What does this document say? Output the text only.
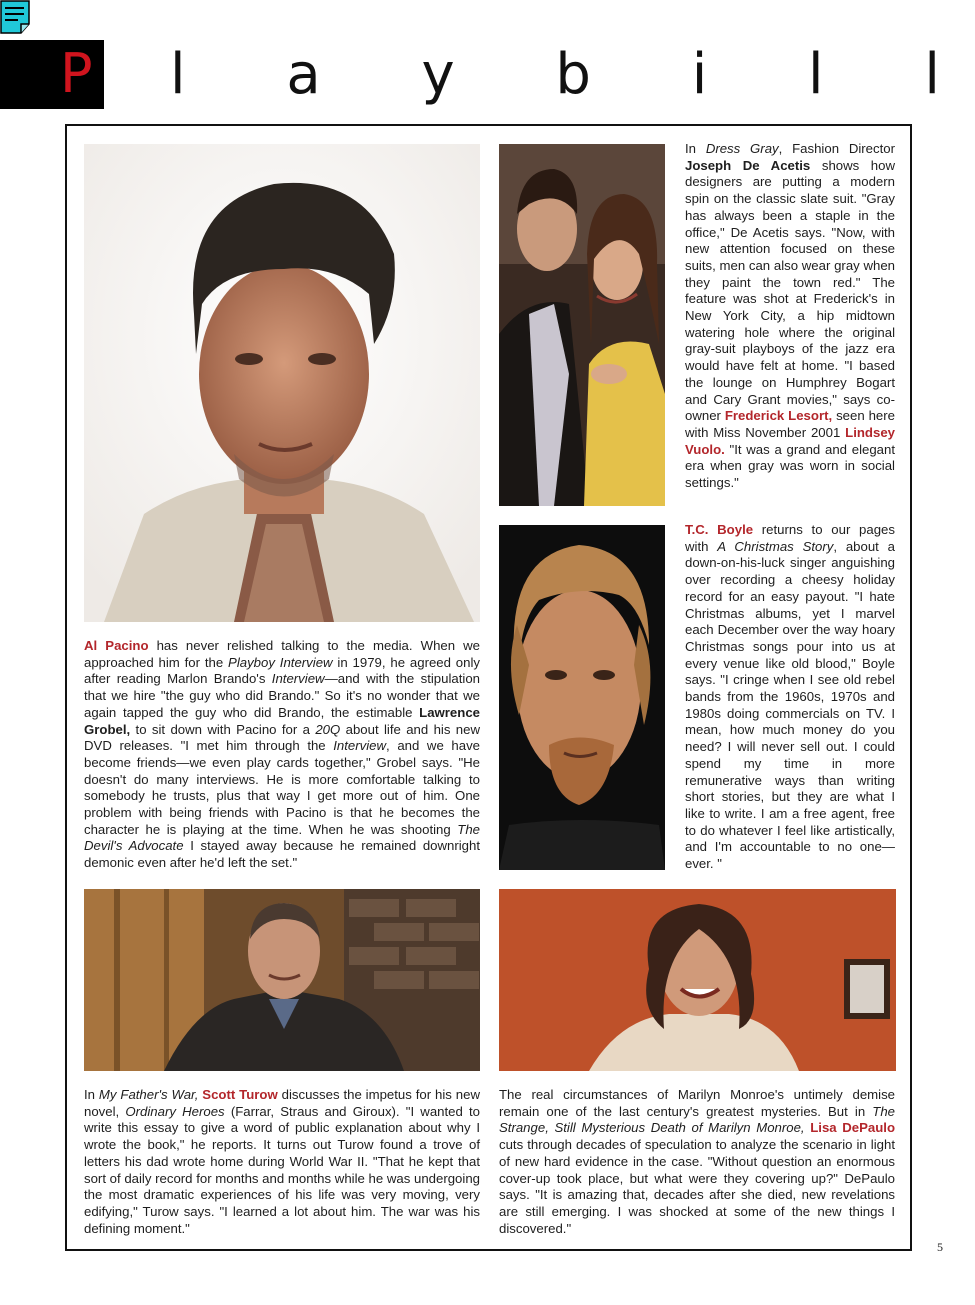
P l a y b i l l
Al Pacino has never relished talking to the media. When we approached him for the Playboy Interview in 1979, he agreed only after reading Marlon Brando's Interview—and with the stipulation that we hire "the guy who did Brando." So it's no wonder that we again tapped the guy who did Brando, the estimable Lawrence Grobel, to sit down with Pacino for a 20Q about life and his new DVD releases. "I met him through the Interview, and we have become friends—we even play cards together," Grobel says. "He doesn't do many interviews. He is more comfortable talking to somebody he trusts, plus that way I get more out of him. One problem with being friends with Pacino is that he becomes the character he is playing at the time. When he was shooting The Devil's Advocate I stayed away because he remained downright demonic even after he'd left the set."
In Dress Gray, Fashion Director Joseph De Acetis shows how designers are putting a modern spin on the classic slate suit. "Gray has always been a staple in the office," De Acetis says. "Now, with new attention focused on these suits, men can also wear gray when they paint the town red." The feature was shot at Frederick's in New York City, a hip midtown watering hole where the original gray-suit playboys of the jazz era would have felt at home. "I based the lounge on Humphrey Bogart and Cary Grant movies," says co-owner Frederick Lesort, seen here with Miss November 2001 Lindsey Vuolo. "It was a grand and elegant era when gray was worn in social settings."
T.C. Boyle returns to our pages with A Christmas Story, about a down-on-his-luck singer anguishing over recording a cheesy holiday record for an easy payout. "I hate Christmas albums, yet I marvel each December over the way hoary Christmas songs pour into us at every venue like old blood," Boyle says. "I cringe when I see old rebel bands from the 1960s, 1970s and 1980s doing commercials on TV. I mean, how much money do you need? I will never sell out. I could spend my time in more remunerative ways than writing short stories, but they are what I like to write. I am a free agent, free to do whatever I feel like artistically, and I'm accountable to no one—ever. "
In My Father's War, Scott Turow discusses the impetus for his new novel, Ordinary Heroes (Farrar, Straus and Giroux). "I wanted to write this essay to give a word of public explanation about why I wrote the book," he reports. It turns out Turow found a trove of letters his dad wrote home during World War II. "That he kept that sort of daily record for months and months while he was undergoing the most dramatic experiences of his life was very moving, very edifying," Turow says. "I learned a lot about him. The war was his defining moment."
The real circumstances of Marilyn Monroe's untimely demise remain one of the last century's greatest mysteries. But in The Strange, Still Mysterious Death of Marilyn Monroe, Lisa DePaulo cuts through decades of speculation to analyze the scenario in light of new hard evidence in the case. "Without question an enormous cover-up took place, but what were they covering up?" DePaulo says. "It is amazing that, decades after she died, new revelations are still emerging. I was shocked at some of the new things I discovered."
5
